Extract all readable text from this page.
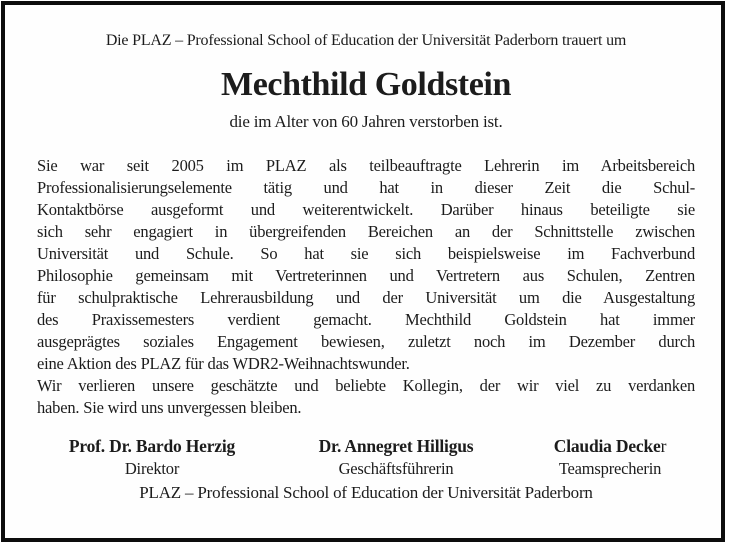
Die PLAZ – Professional School of Education der Universität Paderborn trauert um

Mechthild Goldstein

die im Alter von 60 Jahren verstorben ist.

Sie war seit 2005 im PLAZ als teilbeauftragte Lehrerin im Arbeitsbereich
Professionalisierungselemente tätig und hat in dieser Zeit die Schul-
Kontaktbörse ausgeformt und weiterentwickelt. Darüber hinaus beteiligte sie
sich sehr engagiert in übergreifenden Bereichen an der Schnittstelle zwischen
Universität und Schule. So hat sie sich beispielsweise im Fachverbund
Philosophie gemeinsam mit Vertreterinnen und Vertretern aus Schulen, Zentren
für schulpraktische Lehrerausbildung und der Universität um die Ausgestaltung
des Praxissemesters verdient gemacht. Mechthild Goldstein hat immer
ausgeprägtes soziales Engagement bewiesen, zuletzt noch im Dezember durch
eine Aktion des PLAZ für das WDR2-Weihnachtswunder.
Wir verlieren unsere geschätzte und beliebte Kollegin, der wir viel zu verdanken
haben. Sie wird uns unvergessen bleiben.
Prof. Dr. Bardo Herzig
Direktor
Dr. Annegret Hilligus
Geschäftsführerin
Claudia Decker
Teamsprecherin

PLAZ – Professional School of Education der Universität Paderborn
